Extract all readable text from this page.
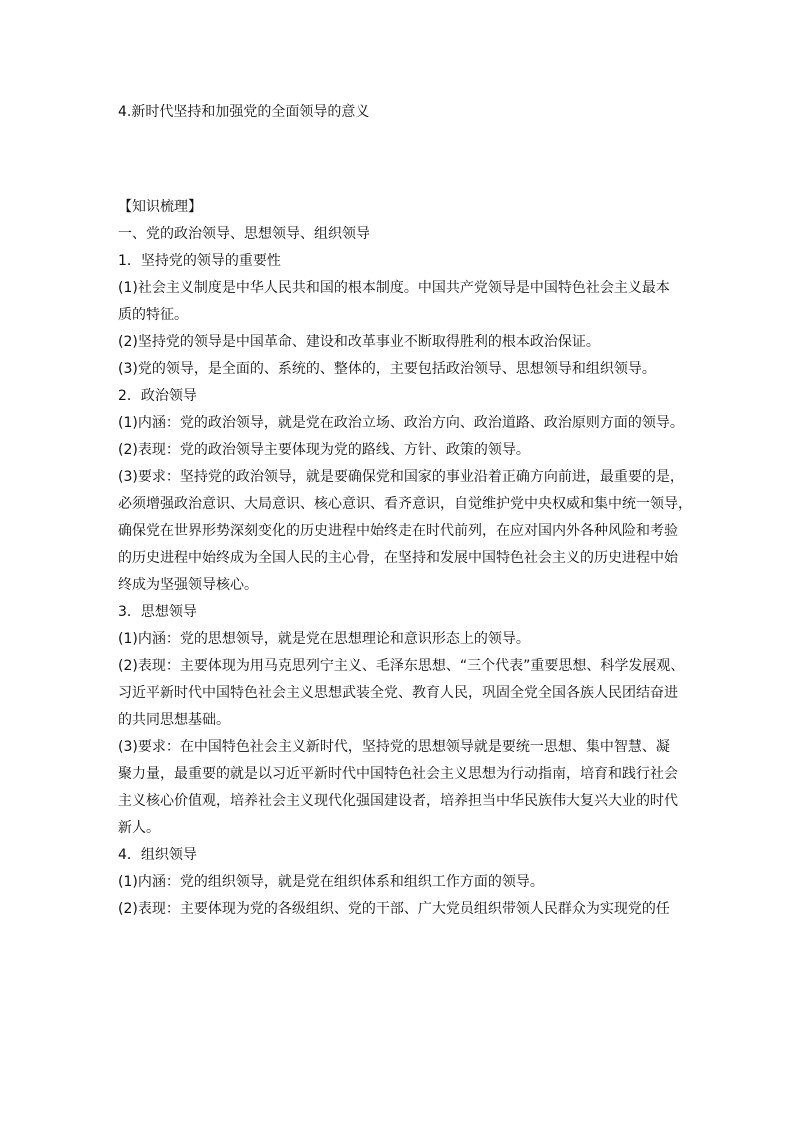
4.新时代坚持和加强党的全面领导的意义
【知识梳理】
一、党的政治领导、思想领导、组织领导
1．坚持党的领导的重要性
(1)社会主义制度是中华人民共和国的根本制度。中国共产党领导是中国特色社会主义最本
质的特征。
(2)坚持党的领导是中国革命、建设和改革事业不断取得胜利的根本政治保证。
(3)党的领导，是全面的、系统的、整体的，主要包括政治领导、思想领导和组织领导。
2．政治领导
(1)内涵：党的政治领导，就是党在政治立场、政治方向、政治道路、政治原则方面的领导。
(2)表现：党的政治领导主要体现为党的路线、方针、政策的领导。
(3)要求：坚持党的政治领导，就是要确保党和国家的事业沿着正确方向前进，最重要的是，
必须增强政治意识、大局意识、核心意识、看齐意识，自觉维护党中央权威和集中统一领导，
确保党在世界形势深刻变化的历史进程中始终走在时代前列，在应对国内外各种风险和考验
的历史进程中始终成为全国人民的主心骨，在坚持和发展中国特色社会主义的历史进程中始
终成为坚强领导核心。
3．思想领导
(1)内涵：党的思想领导，就是党在思想理论和意识形态上的领导。
(2)表现：主要体现为用马克思列宁主义、毛泽东思想、“三个代表”重要思想、科学发展观、
习近平新时代中国特色社会主义思想武装全党、教育人民，巩固全党全国各族人民团结奋进
的共同思想基础。
(3)要求：在中国特色社会主义新时代，坚持党的思想领导就是要统一思想、集中智慧、凝
聚力量，最重要的就是以习近平新时代中国特色社会主义思想为行动指南，培育和践行社会
主义核心价值观，培养社会主义现代化强国建设者，培养担当中华民族伟大复兴大业的时代
新人。
4．组织领导
(1)内涵：党的组织领导，就是党在组织体系和组织工作方面的领导。
(2)表现：主要体现为党的各级组织、党的干部、广大党员组织带领人民群众为实现党的任
